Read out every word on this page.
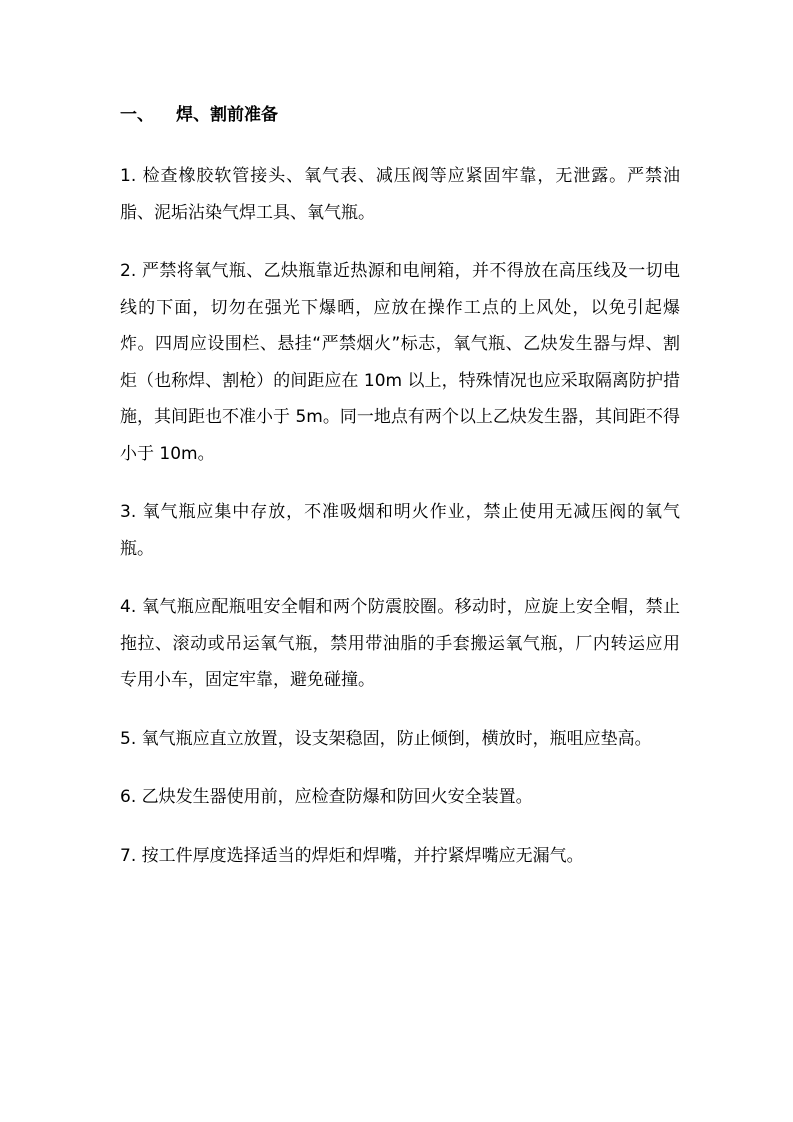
一、 焊、割前准备

1. 检查橡胶软管接头、氧气表、减压阀等应紧固牢靠，无泄露。严禁油脂、泥垢沾染气焊工具、氧气瓶。

2. 严禁将氧气瓶、乙炔瓶靠近热源和电闸箱，并不得放在高压线及一切电线的下面，切勿在强光下爆晒，应放在操作工点的上风处，以免引起爆炸。四周应设围栏、悬挂“严禁烟火”标志，氧气瓶、乙炔发生器与焊、割炬（也称焊、割枪）的间距应在 10m 以上，特殊情况也应采取隔离防护措施，其间距也不准小于 5m。同一地点有两个以上乙炔发生器，其间距不得小于 10m。

3. 氧气瓶应集中存放，不准吸烟和明火作业，禁止使用无减压阀的氧气瓶。

4. 氧气瓶应配瓶咀安全帽和两个防震胶圈。移动时，应旋上安全帽，禁止拖拉、滚动或吊运氧气瓶，禁用带油脂的手套搬运氧气瓶，厂内转运应用专用小车，固定牢靠，避免碰撞。

5. 氧气瓶应直立放置，设支架稳固，防止倾倒，横放时，瓶咀应垫高。

6. 乙炔发生器使用前，应检查防爆和防回火安全装置。

7. 按工件厚度选择适当的焊炬和焊嘴，并拧紧焊嘴应无漏气。
